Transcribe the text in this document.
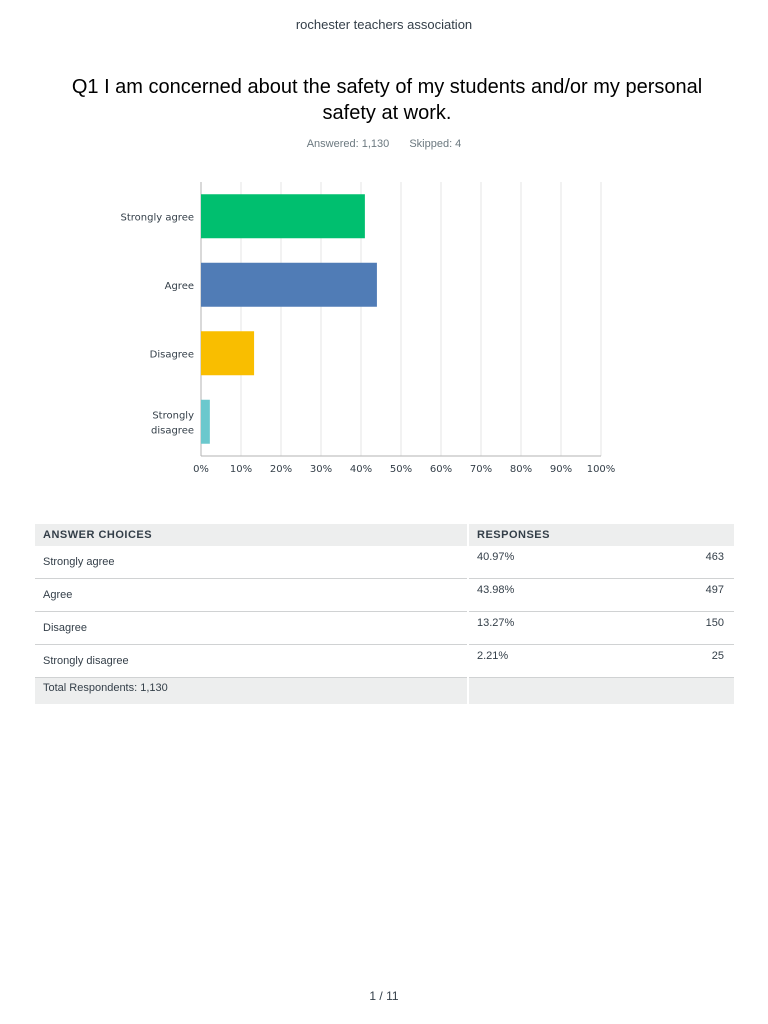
rochester teachers association
Q1 I am concerned about the safety of my students and/or my personal safety at work.
Answered: 1,130 Skipped: 4
0% 10% 20% 30% 40% 50% 60% 70% 80% 90% 100%
Strongly agree
Agree
Disagree
Strongly disagree
ANSWER CHOICES	RESPONSES	
Strongly agree	40.97%	463
Agree	43.98%	497
Disagree	13.27%	150
Strongly disagree	2.21%	25
Total Respondents: 1,130		
1 / 11
